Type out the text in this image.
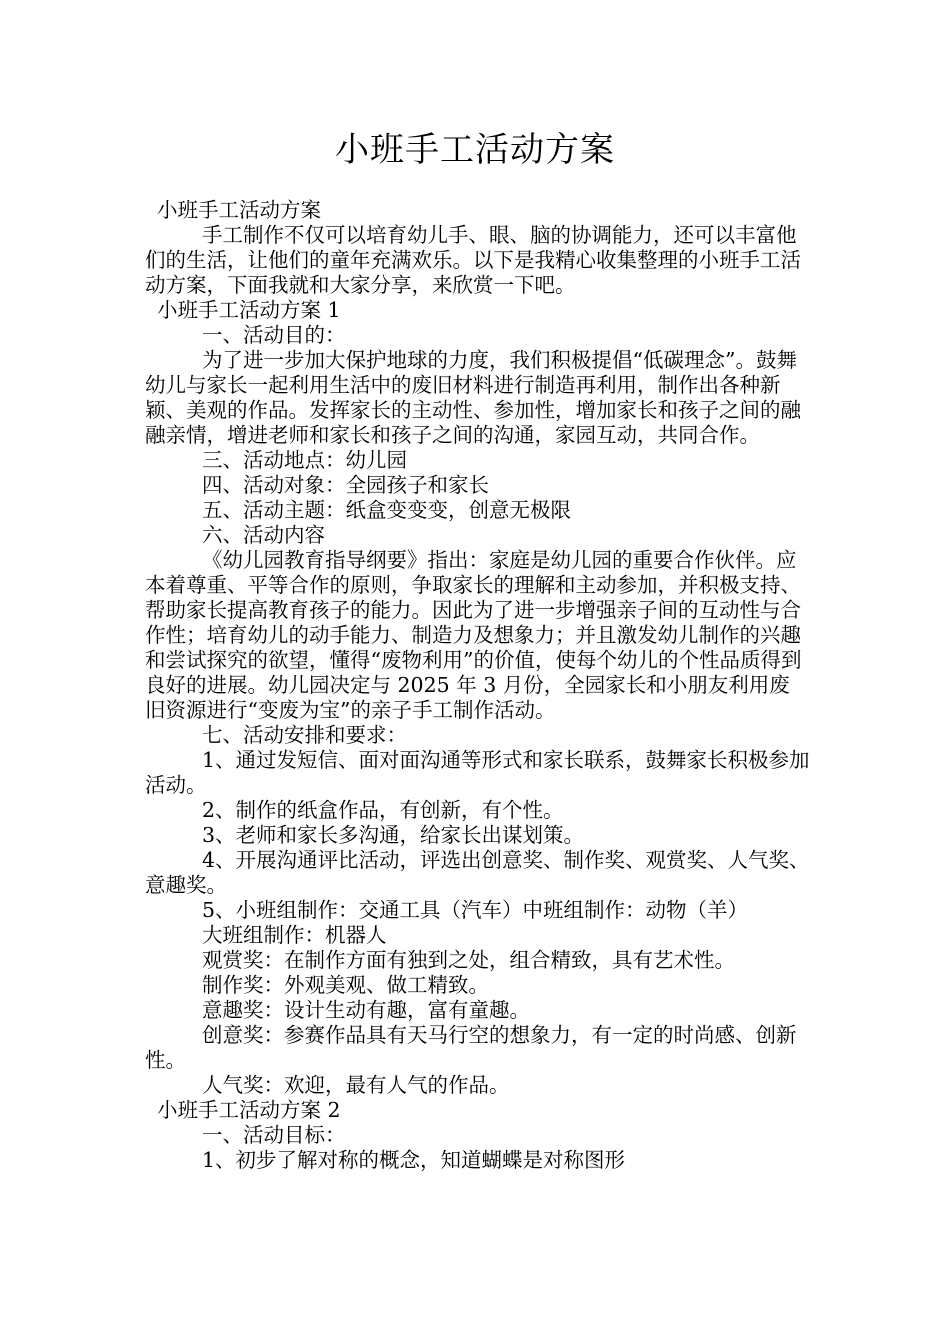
小班手工活动方案

小班手工活动方案

手工制作不仅可以培育幼儿手、眼、脑的协调能力，还可以丰富他们的生活，让他们的童年充满欢乐。以下是我精心收集整理的小班手工活动方案，下面我就和大家分享，来欣赏一下吧。

小班手工活动方案 1

一、活动目的：

为了进一步加大保护地球的力度，我们积极提倡“低碳理念”。鼓舞幼儿与家长一起利用生活中的废旧材料进行制造再利用，制作出各种新颖、美观的作品。发挥家长的主动性、参加性，增加家长和孩子之间的融融亲情，增进老师和家长和孩子之间的沟通，家园互动，共同合作。

三、活动地点：幼儿园

四、活动对象：全园孩子和家长

五、活动主题：纸盒变变变，创意无极限

六、活动内容

《幼儿园教育指导纲要》指出：家庭是幼儿园的重要合作伙伴。应本着尊重、平等合作的原则，争取家长的理解和主动参加，并积极支持、帮助家长提高教育孩子的能力。因此为了进一步增强亲子间的互动性与合作性；培育幼儿的动手能力、制造力及想象力；并且激发幼儿制作的兴趣和尝试探究的欲望，懂得“废物利用”的价值，使每个幼儿的个性品质得到良好的进展。幼儿园决定与 2025 年 3 月份，全园家长和小朋友利用废旧资源进行“变废为宝”的亲子手工制作活动。

七、活动安排和要求：

1、通过发短信、面对面沟通等形式和家长联系，鼓舞家长积极参加活动。

2、制作的纸盒作品，有创新，有个性。

3、老师和家长多沟通，给家长出谋划策。

4、开展沟通评比活动，评选出创意奖、制作奖、观赏奖、人气奖、意趣奖。

5、小班组制作：交通工具（汽车）中班组制作：动物（羊）

大班组制作：机器人

观赏奖：在制作方面有独到之处，组合精致，具有艺术性。

制作奖：外观美观、做工精致。

意趣奖：设计生动有趣，富有童趣。

创意奖：参赛作品具有天马行空的想象力，有一定的时尚感、创新性。

人气奖：欢迎，最有人气的作品。

小班手工活动方案 2

一、活动目标：

1、初步了解对称的概念，知道蝴蝶是对称图形
